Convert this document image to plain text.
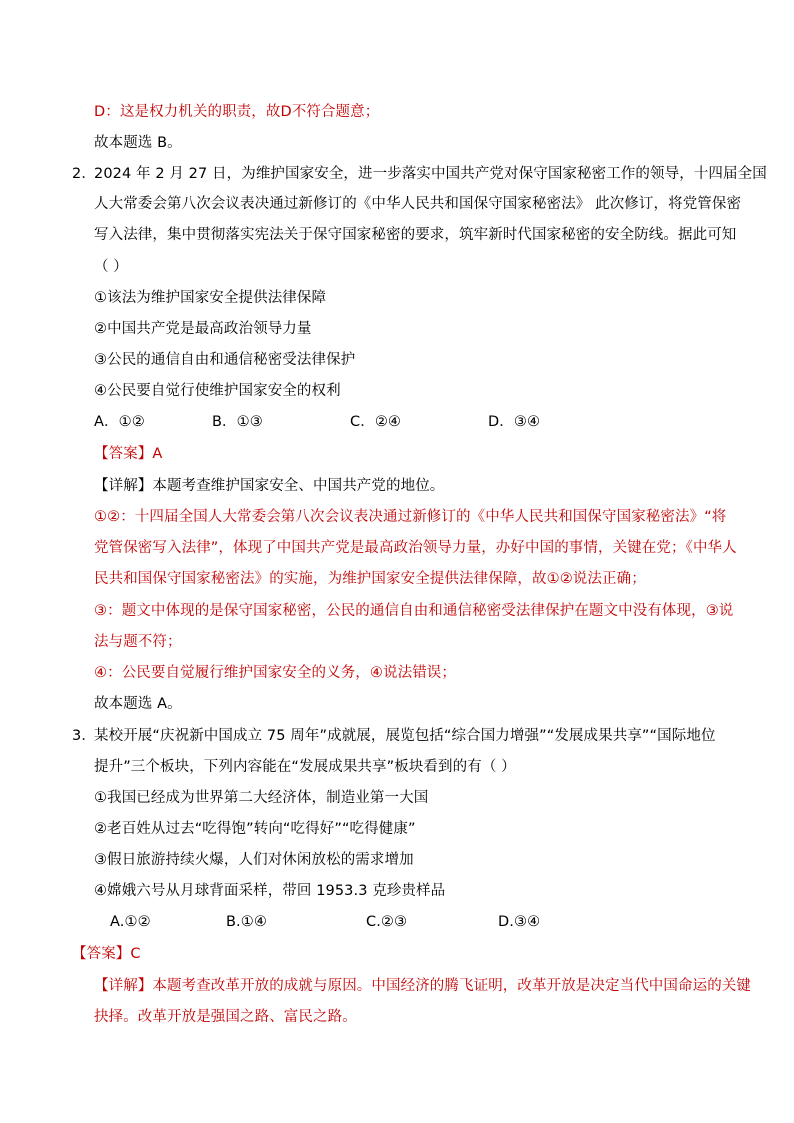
D：这是权力机关的职责，故D不符合题意；
故本题选 B。
2．
2024 年 2 月 27 日，为维护国家安全，进一步落实中国共产党对保守国家秘密工作的领导，十四届全国
人大常委会第八次会议表决通过新修订的《中华人民共和国保守国家秘密法》 此次修订，将党管保密
写入法律，集中贯彻落实宪法关于保守国家秘密的要求，筑牢新时代国家秘密的安全防线。据此可知
（ ）
①该法为维护国家安全提供法律保障
②中国共产党是最高政治领导力量
③公民的通信自由和通信秘密受法律保护
④公民要自觉行使维护国家安全的权利
A．①②	B．①③	C．②④	D．③④
【答案】A
【详解】本题考查维护国家安全、中国共产党的地位。
①②：十四届全国人大常委会第八次会议表决通过新修订的《中华人民共和国保守国家秘密法》“将
党管保密写入法律”，体现了中国共产党是最高政治领导力量，办好中国的事情，关键在党；《中华人
民共和国保守国家秘密法》的实施，为维护国家安全提供法律保障，故①②说法正确；
③：题文中体现的是保守国家秘密，公民的通信自由和通信秘密受法律保护在题文中没有体现，③说
法与题不符；
④：公民要自觉履行维护国家安全的义务，④说法错误；
故本题选 A。
3．
某校开展“庆祝新中国成立 75 周年”成就展，展览包括“综合国力增强”“发展成果共享”“国际地位
提升”三个板块，下列内容能在“发展成果共享”板块看到的有（ ）
①我国已经成为世界第二大经济体，制造业第一大国
②老百姓从过去“吃得饱”转向“吃得好”“吃得健康”
③假日旅游持续火爆，人们对休闲放松的需求增加
④嫦娥六号从月球背面采样，带回 1953.3 克珍贵样品
A.①②	B.①④	C.②③	D.③④
【答案】C
【详解】本题考查改革开放的成就与原因。中国经济的腾飞证明，改革开放是决定当代中国命运的关键
抉择。改革开放是强国之路、富民之路。
